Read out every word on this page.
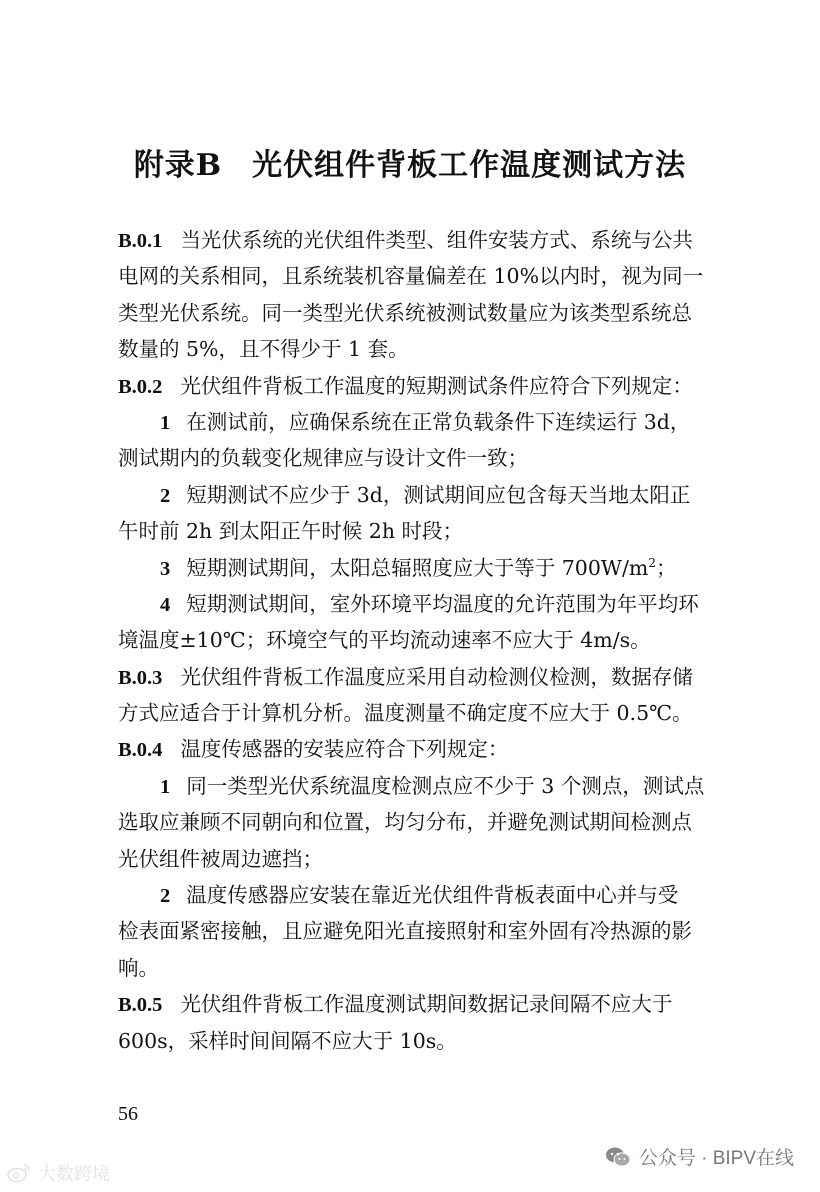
附录B 光伏组件背板工作温度测试方法
B.0.1 当光伏系统的光伏组件类型、组件安装方式、系统与公共
电网的关系相同，且系统装机容量偏差在 10%以内时，视为同一
类型光伏系统。同一类型光伏系统被测试数量应为该类型系统总
数量的 5%，且不得少于 1 套。
B.0.2 光伏组件背板工作温度的短期测试条件应符合下列规定：
1 在测试前，应确保系统在正常负载条件下连续运行 3d，
测试期内的负载变化规律应与设计文件一致；
2 短期测试不应少于 3d，测试期间应包含每天当地太阳正
午时前 2h 到太阳正午时候 2h 时段；
3 短期测试期间，太阳总辐照度应大于等于 $700W/m^2$；
4 短期测试期间，室外环境平均温度的允许范围为年平均环
境温度±10℃；环境空气的平均流动速率不应大于 4m/s。
B.0.3 光伏组件背板工作温度应采用自动检测仪检测，数据存储
方式应适合于计算机分析。温度测量不确定度不应大于 0.5℃。
B.0.4 温度传感器的安装应符合下列规定：
1 同一类型光伏系统温度检测点应不少于 3 个测点，测试点
选取应兼顾不同朝向和位置，均匀分布，并避免测试期间检测点
光伏组件被周边遮挡；
2 温度传感器应安装在靠近光伏组件背板表面中心并与受
检表面紧密接触，且应避免阳光直接照射和室外固有冷热源的影
响。
B.0.5 光伏组件背板工作温度测试期间数据记录间隔不应大于
600s，采样时间间隔不应大于 10s。
56
公众号 · BIPV在线
大数跨境
